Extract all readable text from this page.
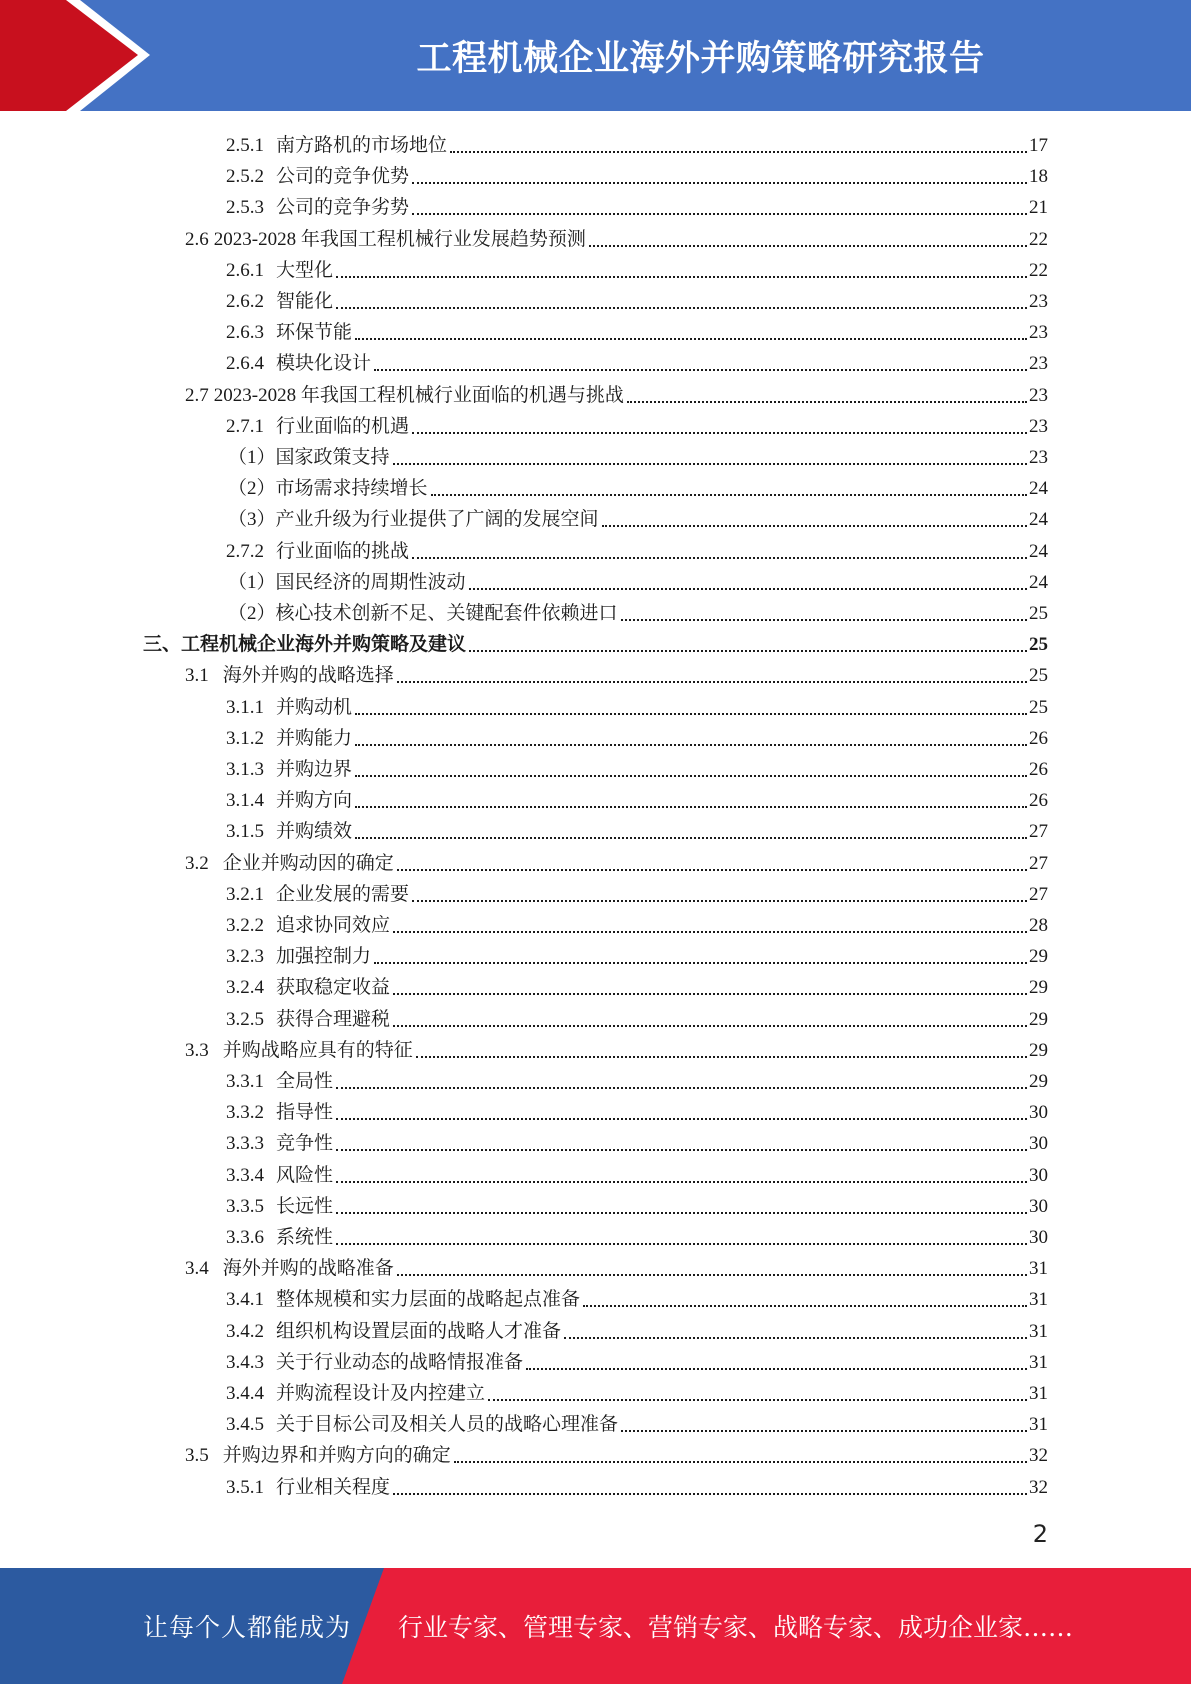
工程机械企业海外并购策略研究报告
2.5.1 南方路机的市场地位	17
2.5.2 公司的竞争优势	18
2.5.3 公司的竞争劣势	21
2.6 2023-2028 年我国工程机械行业发展趋势预测	22
2.6.1 大型化	22
2.6.2 智能化	23
2.6.3 环保节能	23
2.6.4 模块化设计	23
2.7 2023-2028 年我国工程机械行业面临的机遇与挑战	23
2.7.1 行业面临的机遇	23
（1） 国家政策支持	23
（2） 市场需求持续增长	24
（3） 产业升级为行业提供了广阔的发展空间	24
2.7.2 行业面临的挑战	24
（1） 国民经济的周期性波动	24
（2） 核心技术创新不足、关键配套件依赖进口	25
三、 工程机械企业海外并购策略及建议	25
3.1 海外并购的战略选择	25
3.1.1 并购动机	25
3.1.2 并购能力	26
3.1.3 并购边界	26
3.1.4 并购方向	26
3.1.5 并购绩效	27
3.2 企业并购动因的确定	27
3.2.1 企业发展的需要	27
3.2.2 追求协同效应	28
3.2.3 加强控制力	29
3.2.4 获取稳定收益	29
3.2.5 获得合理避税	29
3.3 并购战略应具有的特征	29
3.3.1 全局性	29
3.3.2 指导性	30
3.3.3 竞争性	30
3.3.4 风险性	30
3.3.5 长远性	30
3.3.6 系统性	30
3.4 海外并购的战略准备	31
3.4.1 整体规模和实力层面的战略起点准备	31
3.4.2 组织机构设置层面的战略人才准备	31
3.4.3 关于行业动态的战略情报准备	31
3.4.4 并购流程设计及内控建立	31
3.4.5 关于目标公司及相关人员的战略心理准备	31
3.5 并购边界和并购方向的确定	32
3.5.1 行业相关程度	32
2
让每个人都能成为 行业专家、管理专家、营销专家、战略专家、成功企业家……
